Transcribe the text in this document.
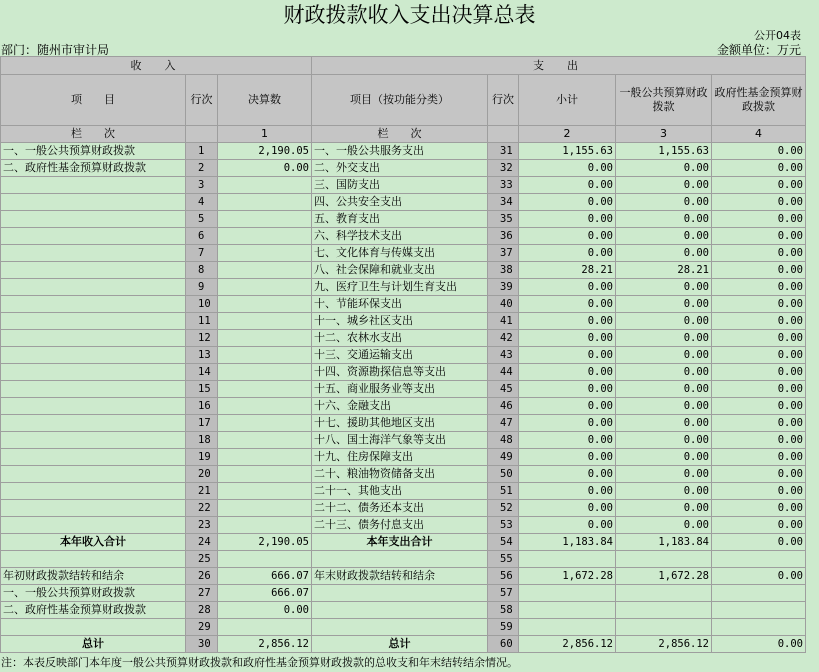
财政拨款收入支出决算总表
公开04表
部门：随州市审计局	金额单位：万元
收　入			支　出				
项　　目	行次	决算数	项目（按功能分类）	行次	小计	一般公共预算财政拨款	政府性基金预算财政拨款
栏　　次		1	栏　　次		2	3	4
一、一般公共预算财政拨款	1	2,190.05	一、一般公共服务支出	31	1,155.63	1,155.63	0.00
二、政府性基金预算财政拨款	2	0.00	二、外交支出	32	0.00	0.00	0.00
	3		三、国防支出	33	0.00	0.00	0.00
	4		四、公共安全支出	34	0.00	0.00	0.00
	5		五、教育支出	35	0.00	0.00	0.00
	6		六、科学技术支出	36	0.00	0.00	0.00
	7		七、文化体育与传媒支出	37	0.00	0.00	0.00
	8		八、社会保障和就业支出	38	28.21	28.21	0.00
	9		九、医疗卫生与计划生育支出	39	0.00	0.00	0.00
	10		十、节能环保支出	40	0.00	0.00	0.00
	11		十一、城乡社区支出	41	0.00	0.00	0.00
	12		十二、农林水支出	42	0.00	0.00	0.00
	13		十三、交通运输支出	43	0.00	0.00	0.00
	14		十四、资源勘探信息等支出	44	0.00	0.00	0.00
	15		十五、商业服务业等支出	45	0.00	0.00	0.00
	16		十六、金融支出	46	0.00	0.00	0.00
	17		十七、援助其他地区支出	47	0.00	0.00	0.00
	18		十八、国土海洋气象等支出	48	0.00	0.00	0.00
	19		十九、住房保障支出	49	0.00	0.00	0.00
	20		二十、粮油物资储备支出	50	0.00	0.00	0.00
	21		二十一、其他支出	51	0.00	0.00	0.00
	22		二十二、债务还本支出	52	0.00	0.00	0.00
	23		二十三、债务付息支出	53	0.00	0.00	0.00
本年收入合计	24	2,190.05	本年支出合计	54	1,183.84	1,183.84	0.00
	25			55			
年初财政拨款结转和结余	26	666.07	年末财政拨款结转和结余	56	1,672.28	1,672.28	0.00
一、一般公共预算财政拨款	27	666.07		57			
二、政府性基金预算财政拨款	28	0.00		58			
	29			59			
总计	30	2,856.12	总计	60	2,856.12	2,856.12	0.00
注：本表反映部门本年度一般公共预算财政拨款和政府性基金预算财政拨款的总收支和年末结转结余情况。
